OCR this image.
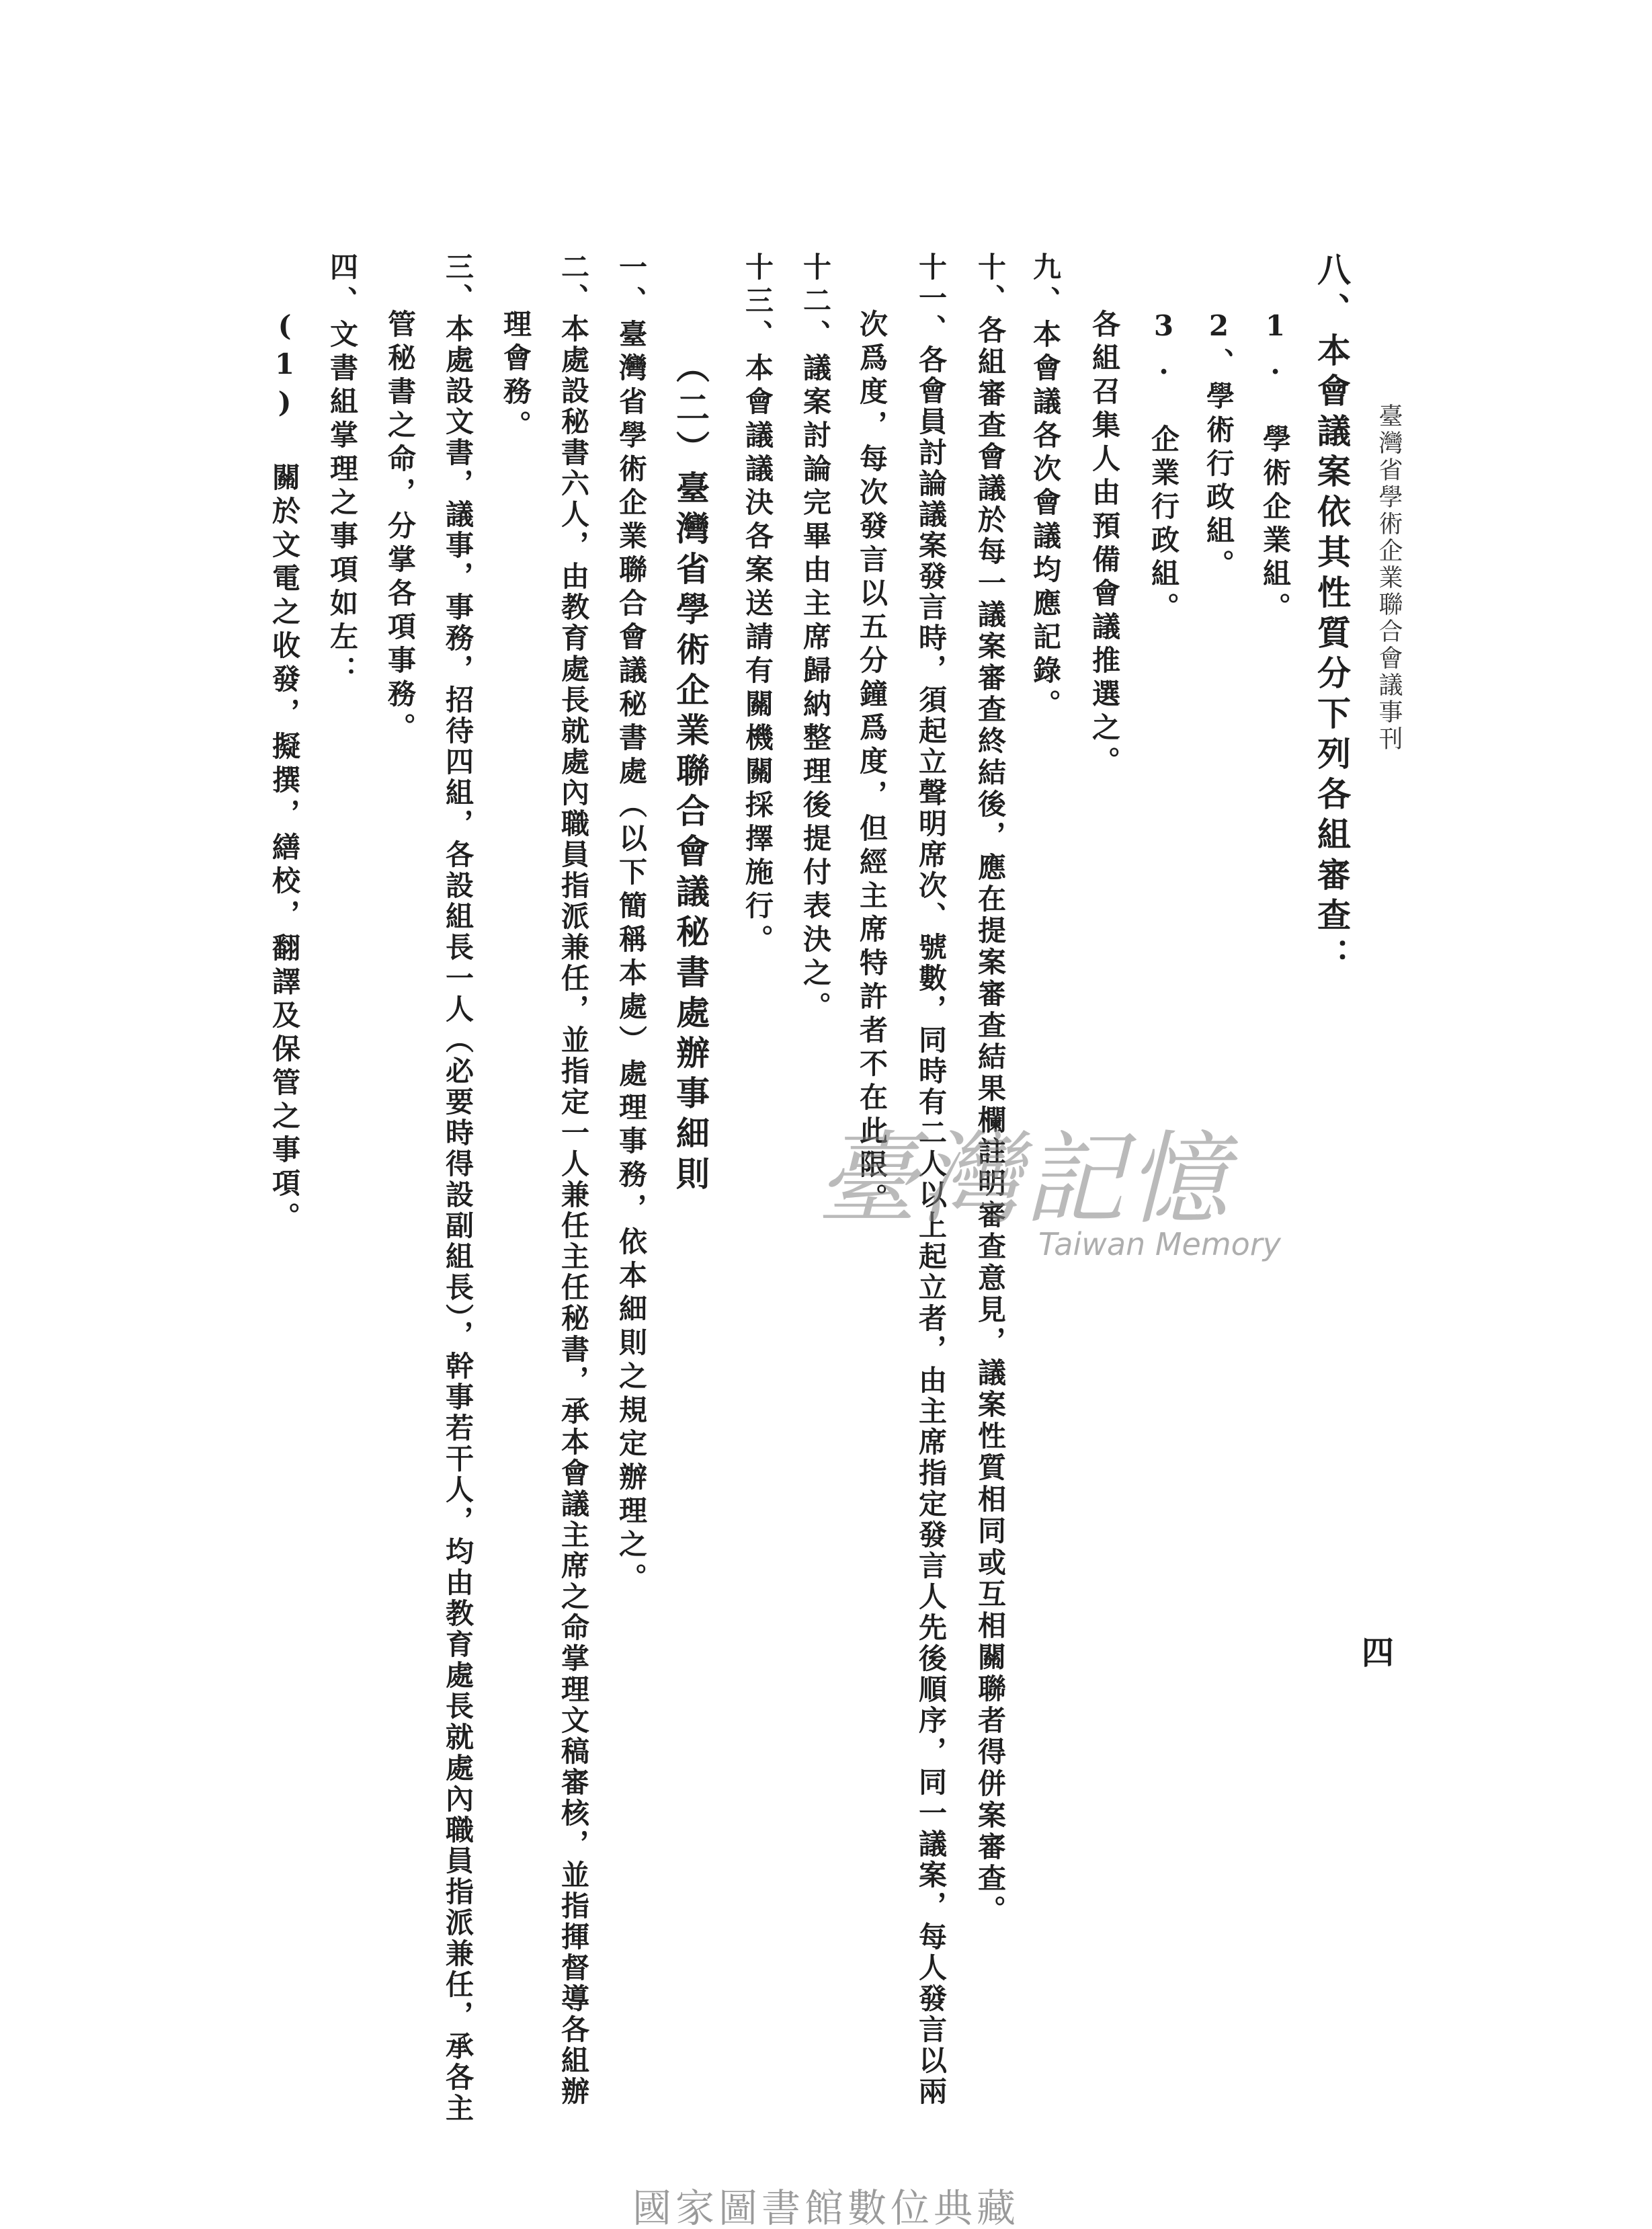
臺灣省學術企業聯合會議事刊
四
八、本會議案依其性質分下列各組審查：
1. 學術企業組。
2、學術行政組。
3. 企業行政組。
各組召集人由預備會議推選之。
九、本會議各次會議均應記錄。
十、各組審查會議於每一議案審查終結後，應在提案審查結果欄註明審查意見，議案性質相同或互相關聯者得併案審查。
十一、各會員討論議案發言時，須起立聲明席次、號數，同時有二人以上起立者，由主席指定發言人先後順序，同一議案，每人發言以兩
次爲度，每次發言以五分鐘爲度，但經主席特許者不在此限。
十二、議案討論完畢由主席歸納整理後提付表決之。
十三、本會議議決各案送請有關機關採擇施行。
（二）臺灣省學術企業聯合會議秘書處辦事細則
一、臺灣省學術企業聯合會議秘書處（以下簡稱本處）處理事務，依本細則之規定辦理之。
二、本處設秘書六人，由教育處長就處內職員指派兼任，並指定一人兼任主任秘書，承本會議主席之命掌理文稿審核，並指揮督導各組辦
理會務。
三、本處設文書，議事，事務，招待四組，各設組長一人（必要時得設副組長），幹事若干人，均由教育處長就處內職員指派兼任，承各主
管秘書之命，分掌各項事務。
四、文書組掌理之事項如左：
(1) 關於文電之收發，擬撰，繕校，翻譯及保管之事項。	臺灣記憶
Taiwan Memory
國家圖書館數位典藏
